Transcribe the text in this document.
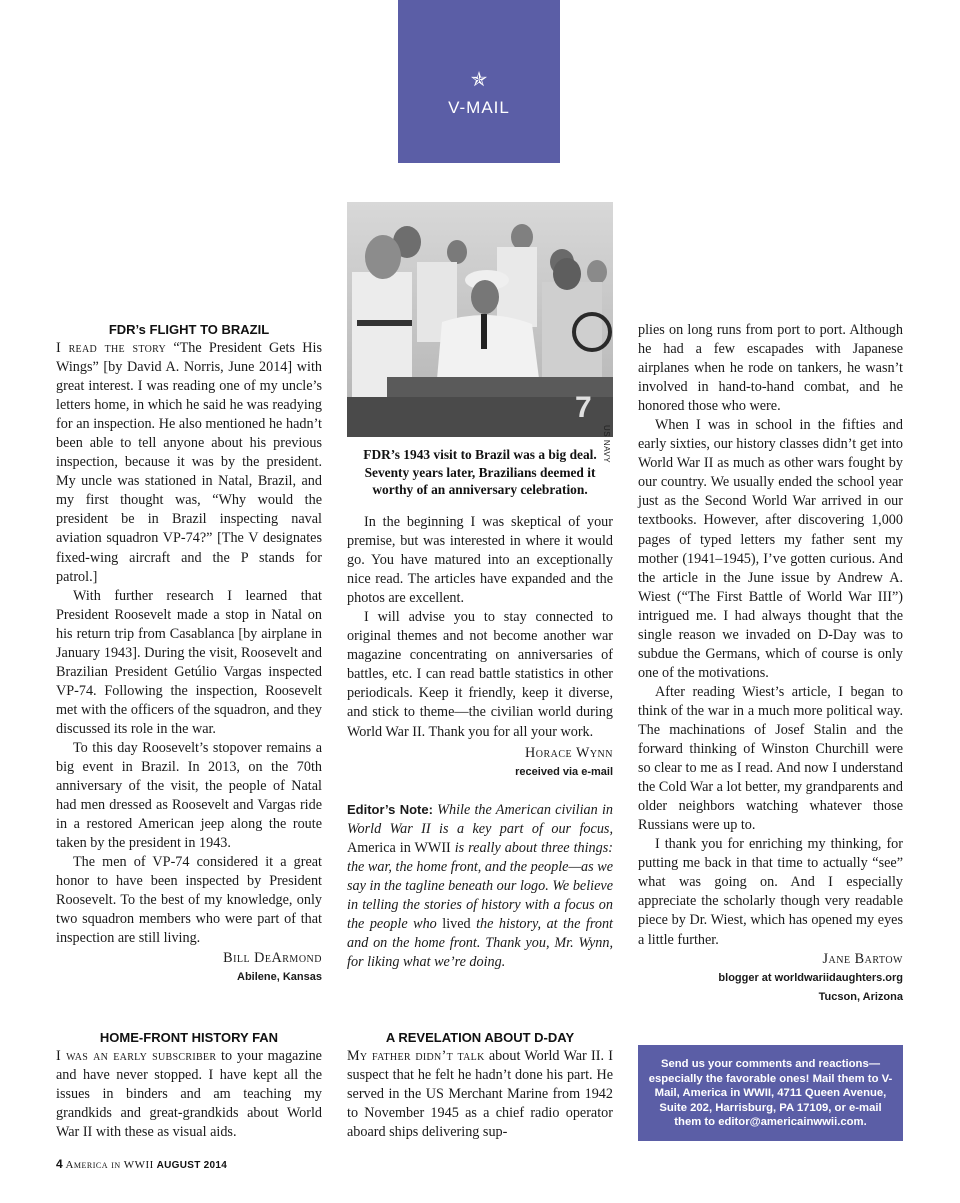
✯
V-MAIL
7
US NAVY
FDR’s 1943 visit to Brazil was a big deal. Seventy years later, Brazilians deemed it worthy of an anniversary celebration.
FDR’s FLIGHT TO BRAZIL

I read the story “The President Gets His Wings” [by David A. Norris, June 2014] with great interest. I was reading one of my uncle’s letters home, in which he said he was readying for an inspection. He also mentioned he hadn’t been able to tell anyone about his previous inspection, because it was by the president. My uncle was stationed in Natal, Brazil, and my first thought was, “Why would the president be in Brazil inspecting naval aviation squadron VP-74?” [The V designates fixed-wing aircraft and the P stands for patrol.]

With further research I learned that President Roosevelt made a stop in Natal on his return trip from Casablanca [by airplane in January 1943]. During the visit, Roosevelt and Brazilian President Getúlio Vargas inspected VP-74. Following the inspection, Roosevelt met with the officers of the squadron, and they discussed its role in the war.

To this day Roosevelt’s stopover remains a big event in Brazil. In 2013, on the 70th anniversary of the visit, the people of Natal had men dressed as Roosevelt and Vargas ride in a restored American jeep along the route taken by the president in 1943.

The men of VP-74 considered it a great honor to have been inspected by President Roosevelt. To the best of my knowledge, only two squadron members who were part of that inspection are still living.

Bill DeArmond
Abilene, Kansas
HOME-FRONT HISTORY FAN

I was an early subscriber to your magazine and have never stopped. I have kept all the issues in binders and am teaching my grandkids and great-grandkids about World War II with these as visual aids.

In the beginning I was skeptical of your premise, but was interested in where it would go. You have matured into an exceptionally nice read. The articles have expanded and the photos are excellent.

I will advise you to stay connected to original themes and not become another war magazine concentrating on anniversaries of battles, etc. I can read battle statistics in other periodicals. Keep it friendly, keep it diverse, and stick to theme—the civilian world during World War II. Thank you for all your work.

Horace Wynn
received via e-mail

Editor’s Note: While the American civilian in World War II is a key part of our focus, America in WWII is really about three things: the war, the home front, and the people—as we say in the tagline beneath our logo. We believe in telling the stories of history with a focus on the people who lived the history, at the front and on the home front. Thank you, Mr. Wynn, for liking what we’re doing.

A REVELATION ABOUT D-DAY

My father didn’t talk about World War II. I suspect that he felt he hadn’t done his part. He served in the US Merchant Marine from 1942 to November 1945 as a chief radio operator aboard ships delivering sup-

plies on long runs from port to port. Although he had a few escapades with Japanese airplanes when he rode on tankers, he wasn’t involved in hand-to-hand combat, and he honored those who were.

When I was in school in the fifties and early sixties, our history classes didn’t get into World War II as much as other wars fought by our country. We usually ended the school year just as the Second World War arrived in our textbooks. However, after discovering 1,000 pages of typed letters my father sent my mother (1941–1945), I’ve gotten curious. And the article in the June issue by Andrew A. Wiest (“The First Battle of World War III”) intrigued me. I had always thought that the single reason we invaded on D-Day was to subdue the Germans, which of course is only one of the motivations.

After reading Wiest’s article, I began to think of the war in a much more political way. The machinations of Josef Stalin and the forward thinking of Winston Churchill were so clear to me as I read. And now I understand the Cold War a lot better, my grandparents and older neighbors watching whatever those Russians were up to.

I thank you for enriching my thinking, for putting me back in that time to actually “see” what was going on. And I especially appreciate the scholarly though very readable piece by Dr. Wiest, which has opened my eyes a little further.

Jane Bartow
blogger at worldwariidaughters.org
Tucson, Arizona
Send us your comments and reactions—especially the favorable ones! Mail them to V-Mail, America in WWII, 4711 Queen Avenue, Suite 202, Harrisburg, PA 17109, or e-mail them to editor@americainwwii.com.
4 America in WWII AUGUST 2014
